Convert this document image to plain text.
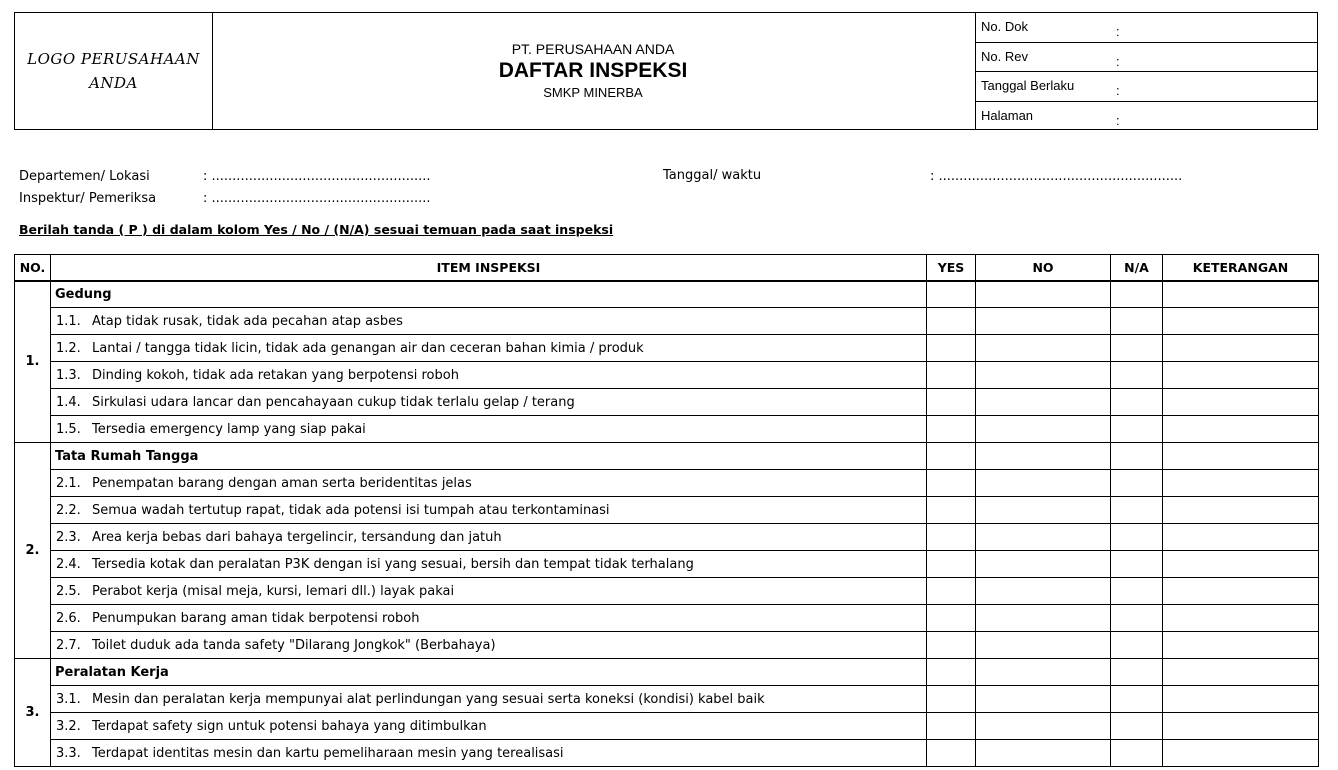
LOGO PERUSAHAAN ANDA
PT. PERUSAHAAN ANDA
DAFTAR INSPEKSI
SMKP MINERBA
No. Dok	:
No. Rev	:
Tanggal Berlaku	:
Halaman	:
Departemen/ Lokasi	: .....................................................
Inspektur/ Pemeriksa	: .....................................................
Tanggal/ waktu	: ...........................................................
Berilah tanda ( P ) di dalam kolom Yes / No / (N/A) sesuai temuan pada saat inspeksi
NO.	ITEM INSPEKSI	YES	NO	N/A	KETERANGAN
1.	Gedung				
	1.1. Atap tidak rusak, tidak ada pecahan atap asbes				
	1.2. Lantai / tangga tidak licin, tidak ada genangan air dan ceceran bahan kimia / produk				
	1.3. Dinding kokoh, tidak ada retakan yang berpotensi roboh				
	1.4. Sirkulasi udara lancar dan pencahayaan cukup tidak terlalu gelap / terang				
	1.5. Tersedia emergency lamp yang siap pakai				
2.	Tata Rumah Tangga				
	2.1. Penempatan barang dengan aman serta beridentitas jelas				
	2.2. Semua wadah tertutup rapat, tidak ada potensi isi tumpah atau terkontaminasi				
	2.3. Area kerja bebas dari bahaya tergelincir, tersandung dan jatuh				
	2.4. Tersedia kotak dan peralatan P3K dengan isi yang sesuai, bersih dan tempat tidak terhalang				
	2.5. Perabot kerja (misal meja, kursi, lemari dll.) layak pakai				
	2.6. Penumpukan barang aman tidak berpotensi roboh				
	2.7. Toilet duduk ada tanda safety "Dilarang Jongkok" (Berbahaya)				
3.	Peralatan Kerja				
	3.1. Mesin dan peralatan kerja mempunyai alat perlindungan yang sesuai serta koneksi (kondisi) kabel baik				
	3.2. Terdapat safety sign untuk potensi bahaya yang ditimbulkan				
	3.3. Terdapat identitas mesin dan kartu pemeliharaan mesin yang terealisasi				
